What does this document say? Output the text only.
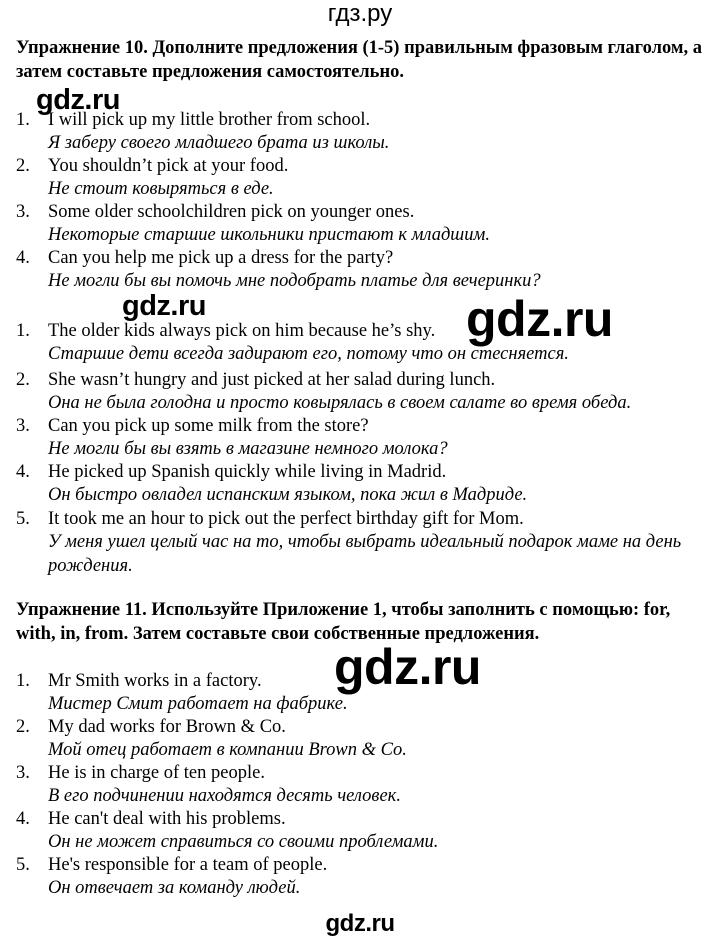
гдз.ру
Упражнение 10. Дополните предложения (1-5) правильным фразовым глаголом, а затем составьте предложения самостоятельно.
gdz.ru
1. I will pick up my little brother from school.
Я заберу своего младшего брата из школы.
2. You shouldn’t pick at your food.
Не стоит ковыряться в еде.
3. Some older schoolchildren pick on younger ones.
Некоторые старшие школьники пристают к младшим.
4. Can you help me pick up a dress for the party?
Не могли бы вы помочь мне подобрать платье для вечеринки?
gdz.ru	gdz.ru
1. The older kids always pick on him because he’s shy.
Старшие дети всегда задирают его, потому что он стесняется.
2. She wasn’t hungry and just picked at her salad during lunch.
Она не была голодна и просто ковырялась в своем салате во время обеда.
3. Can you pick up some milk from the store?
Не могли бы вы взять в магазине немного молока?
4. He picked up Spanish quickly while living in Madrid.
Он быстро овладел испанским языком, пока жил в Мадриде.
5. It took me an hour to pick out the perfect birthday gift for Mom.
У меня ушел целый час на то, чтобы выбрать идеальный подарок маме на день рождения.
Упражнение 11. Используйте Приложение 1, чтобы заполнить с помощью: for, with, in, from. Затем составьте свои собственные предложения.
gdz.ru
1. Mr Smith works in a factory.
Мистер Смит работает на фабрике.
2. My dad works for Brown & Co.
Мой отец работает в компании Brown & Co.
3. He is in charge of ten people.
В его подчинении находятся десять человек.
4. He can't deal with his problems.
Он не может справиться со своими проблемами.
5. He's responsible for a team of people.
Он отвечает за команду людей.
gdz.ru
